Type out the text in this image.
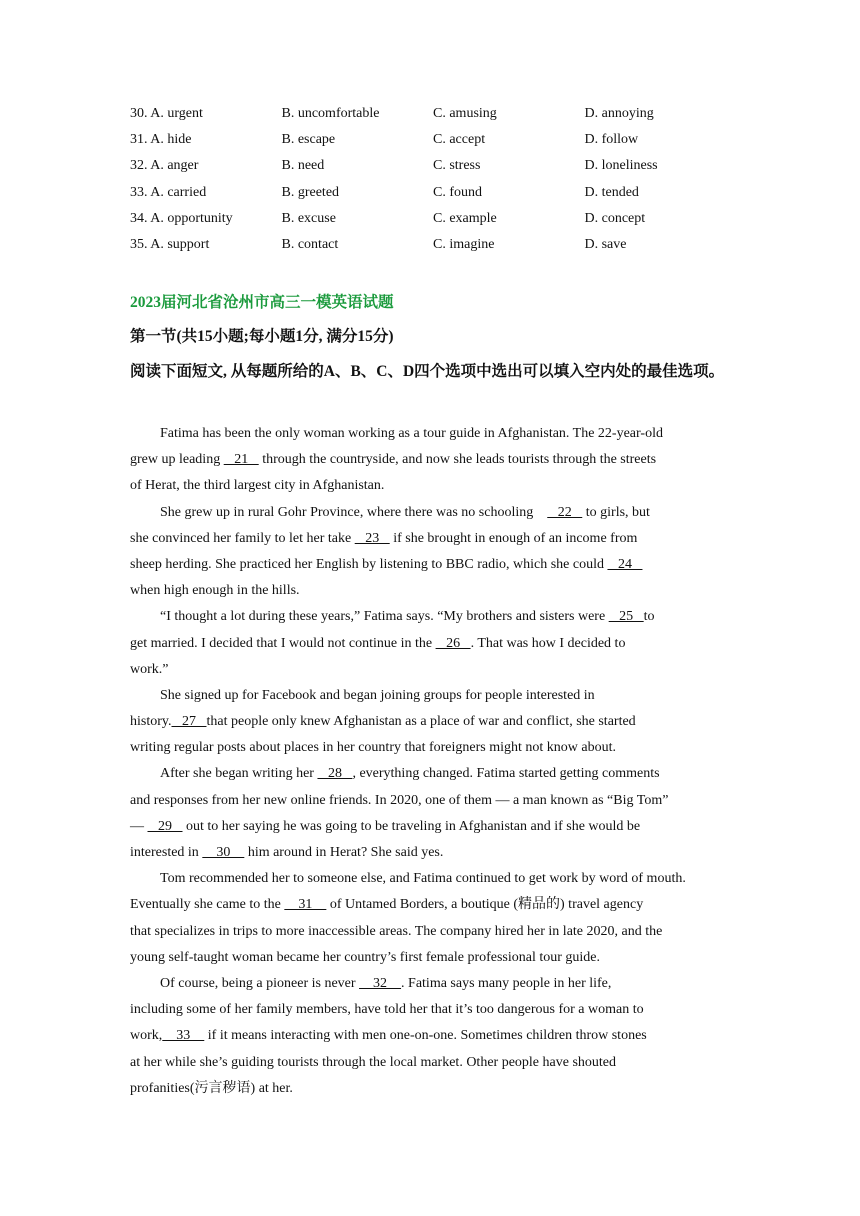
30. A. urgent	B. uncomfortable	C. amusing	D. annoying
31. A. hide	B. escape	C. accept	D. follow
32. A. anger	B. need	C. stress	D. loneliness
33. A. carried	B. greeted	C. found	D. tended
34. A. opportunity	B. excuse	C. example	D. concept
35. A. support	B. contact	C. imagine	D. save
2023届河北省沧州市高三一模英语试题
第一节(共15小题;每小题1分, 满分15分)
阅读下面短文, 从每题所给的A、B、C、D四个选项中选出可以填入空内处的最佳选项。
Fatima has been the only woman working as a tour guide in Afghanistan. The 22-year-old
grew up leading    21    through the countryside, and now she leads tourists through the streets
of Herat, the third largest city in Afghanistan.
She grew up in rural Gohr Province, where there was no schooling       22    to girls, but
she convinced her family to let her take    23    if she brought in enough of an income from
sheep herding. She practiced her English by listening to BBC radio, which she could    24
when high enough in the hills.
“I thought a lot during these years,” Fatima says. “My brothers and sisters were    25   to
get married. I decided that I would not continue in the    26   . That was how I decided to
work.”
She signed up for Facebook and began joining groups for people interested in
history.   27   that people only knew Afghanistan as a place of war and conflict, she started
writing regular posts about places in her country that foreigners might not know about.
After she began writing her    28   , everything changed. Fatima started getting comments
and responses from her new online friends. In 2020, one of them — a man known as “Big Tom”
—    29    out to her saying he was going to be traveling in Afghanistan and if she would be
interested in     30     him around in Herat? She said yes.
Tom recommended her to someone else, and Fatima continued to get work by word of mouth.
Eventually she came to the     31     of Untamed Borders, a boutique (精品的) travel agency
that specializes in trips to more inaccessible areas. The company hired her in late 2020, and the
young self-taught woman became her country’s first female professional tour guide.
Of course, being a pioneer is never     32    . Fatima says many people in her life,
including some of her family members, have told her that it’s too dangerous for a woman to
work,    33     if it means interacting with men one-on-one. Sometimes children throw stones
at her while she’s guiding tourists through the local market. Other people have shouted
profanities(污言秽语) at her.
